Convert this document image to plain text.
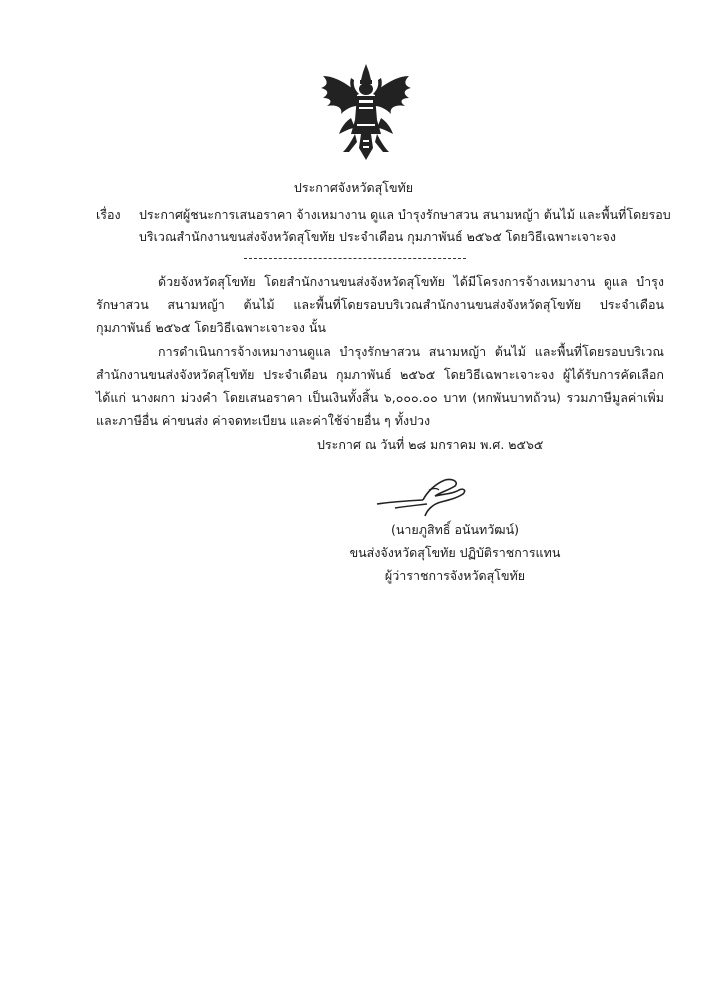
ประกาศจังหวัดสุโขทัย
เรื่อง ประกาศผู้ชนะการเสนอราคา จ้างเหมางาน ดูแล บำรุงรักษาสวน สนามหญ้า ต้นไม้ และพื้นที่โดยรอบ
บริเวณสำนักงานขนส่งจังหวัดสุโขทัย ประจำเดือน กุมภาพันธ์ ๒๕๖๕ โดยวิธีเฉพาะเจาะจง
ด้วยจังหวัดสุโขทัย โดยสำนักงานขนส่งจังหวัดสุโขทัย ได้มีโครงการจ้างเหมางาน ดูแล บำรุงรักษาสวน สนามหญ้า ต้นไม้ และพื้นที่โดยรอบบริเวณสำนักงานขนส่งจังหวัดสุโขทัย ประจำเดือน กุมภาพันธ์ ๒๕๖๕ โดยวิธีเฉพาะเจาะจง นั้น
การดำเนินการจ้างเหมางานดูแล บำรุงรักษาสวน สนามหญ้า ต้นไม้ และพื้นที่โดยรอบบริเวณสำนักงานขนส่งจังหวัดสุโขทัย ประจำเดือน กุมภาพันธ์ ๒๕๖๕ โดยวิธีเฉพาะเจาะจง ผู้ได้รับการคัดเลือก ได้แก่ นางผกา ม่วงคำ โดยเสนอราคา เป็นเงินทั้งสิ้น ๖,๐๐๐.๐๐ บาท (หกพันบาทถ้วน) รวมภาษีมูลค่าเพิ่มและภาษีอื่น ค่าขนส่ง ค่าจดทะเบียน และค่าใช้จ่ายอื่น ๆ ทั้งปวง
ประกาศ ณ วันที่ ๒๘ มกราคม พ.ศ. ๒๕๖๕
(นายภูสิทธิ์ อนันทวัฒน์)
ขนส่งจังหวัดสุโขทัย ปฏิบัติราชการแทน
ผู้ว่าราชการจังหวัดสุโขทัย
